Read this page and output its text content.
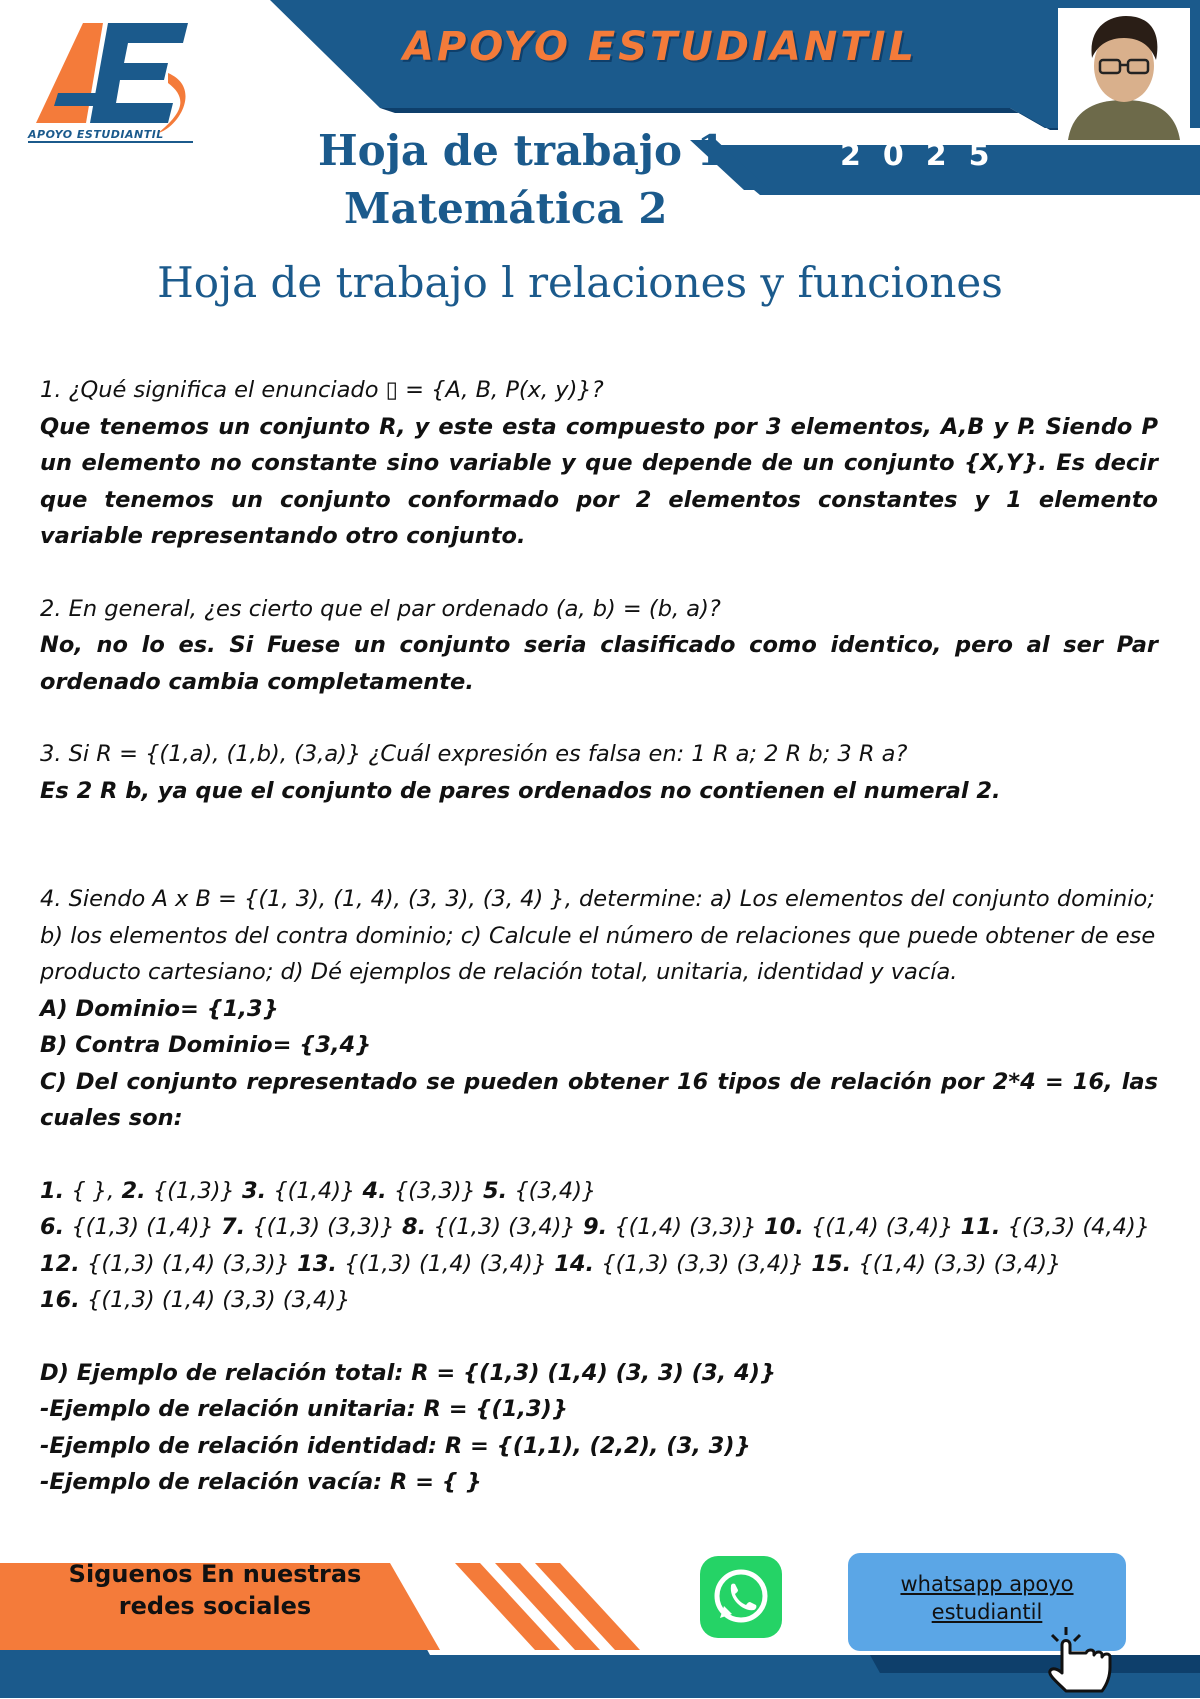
APOYO ESTUDIANTIL
APOYO ESTUDIANTIL
2025
Hoja de trabajo 1
Matemática 2
Hoja de trabajo l relaciones y funciones

1. ¿Qué significa el enunciado ▯ = {A, B, P(x, y)}?

Que tenemos un conjunto R, y este esta compuesto por 3 elementos, A,B y P. Siendo P un elemento no constante sino variable y que depende de un conjunto {X,Y}. Es decir que tenemos un conjunto conformado por 2 elementos constantes y 1 elemento variable representando otro conjunto.

2. En general, ¿es cierto que el par ordenado (a, b) = (b, a)?

No, no lo es. Si Fuese un conjunto seria clasificado como identico, pero al ser Par ordenado cambia completamente.

3. Si R = {(1,a), (1,b), (3,a)} ¿Cuál expresión es falsa en: 1 R a; 2 R b; 3 R a?

Es 2 R b, ya que el conjunto de pares ordenados no contienen el numeral 2.

4. Siendo A x B = {(1, 3), (1, 4), (3, 3), (3, 4) }, determine: a) Los elementos del conjunto dominio; b) los elementos del contra dominio; c) Calcule el número de relaciones que puede obtener de ese producto cartesiano; d) Dé ejemplos de relación total, unitaria, identidad y vacía.

A) Dominio= {1,3}

B) Contra Dominio= {3,4}

C) Del conjunto representado se pueden obtener 16 tipos de relación por 2*4 = 16, las cuales son:

1. { }, 2. {(1,3)} 3. {(1,4)} 4. {(3,3)} 5. {(3,4)}

6. {(1,3) (1,4)} 7. {(1,3) (3,3)} 8. {(1,3) (3,4)} 9. {(1,4) (3,3)} 10. {(1,4) (3,4)} 11. {(3,3) (4,4)}

12. {(1,3) (1,4) (3,3)} 13. {(1,3) (1,4) (3,4)} 14. {(1,3) (3,3) (3,4)} 15. {(1,4) (3,3) (3,4)}

16. {(1,3) (1,4) (3,3) (3,4)}

D) Ejemplo de relación total: R = {(1,3) (1,4) (3, 3) (3, 4)}

-Ejemplo de relación unitaria: R = {(1,3)}

-Ejemplo de relación identidad: R = {(1,1), (2,2), (3, 3)}

-Ejemplo de relación vacía: R = { }

Siguenos En nuestras
redes sociales
whatsapp apoyo
estudiantil
